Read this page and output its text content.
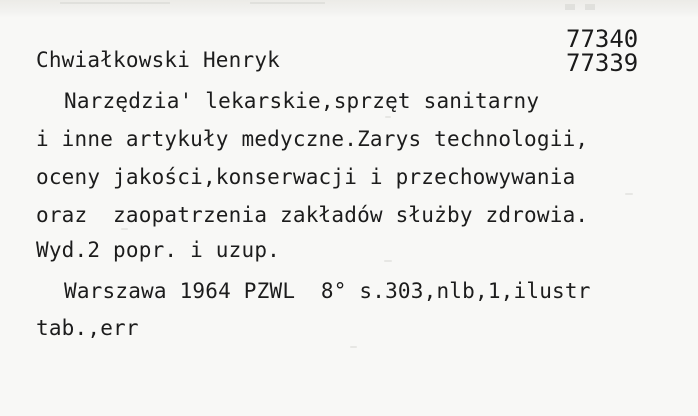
77340
77339
Chwiałkowski Henryk
Narzędzia' lekarskie,sprzęt sanitarny
i inne artykuły medyczne.Zarys technologii,
oceny jakości,konserwacji i przechowywania
oraz  zaopatrzenia zakładów służby zdrowia.
Wyd.2 popr. i uzup.
Warszawa 1964 PZWL  8° s.303,nlb,1,ilustr
tab.,err
